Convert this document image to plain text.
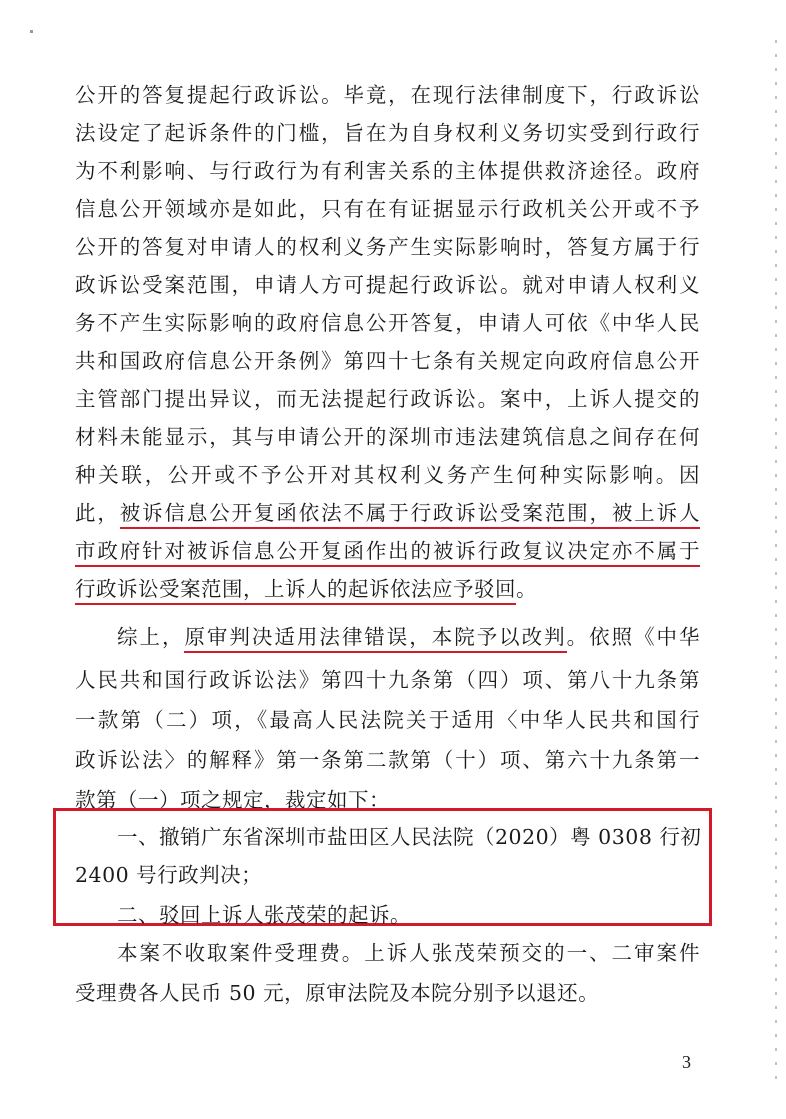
公开的答复提起行政诉讼。毕竟，在现行法律制度下，行政诉讼
法设定了起诉条件的门槛，旨在为自身权利义务切实受到行政行
为不利影响、与行政行为有利害关系的主体提供救济途径。政府
信息公开领域亦是如此，只有在有证据显示行政机关公开或不予
公开的答复对申请人的权利义务产生实际影响时，答复方属于行
政诉讼受案范围，申请人方可提起行政诉讼。就对申请人权利义
务不产生实际影响的政府信息公开答复，申请人可依《中华人民
共和国政府信息公开条例》第四十七条有关规定向政府信息公开
主管部门提出异议，而无法提起行政诉讼。案中，上诉人提交的
材料未能显示，其与申请公开的深圳市违法建筑信息之间存在何
种关联，公开或不予公开对其权利义务产生何种实际影响。因
此，被诉信息公开复函依法不属于行政诉讼受案范围，被上诉人
市政府针对被诉信息公开复函作出的被诉行政复议决定亦不属于
行政诉讼受案范围，上诉人的起诉依法应予驳回。
综上，原审判决适用法律错误，本院予以改判。依照《中华
人民共和国行政诉讼法》第四十九条第（四）项、第八十九条第
一款第（二）项，《最高人民法院关于适用〈中华人民共和国行
政诉讼法〉的解释》第一条第二款第（十）项、第六十九条第一
款第（一）项之规定，裁定如下：
一、撤销广东省深圳市盐田区人民法院（2020）粤 0308 行初
2400 号行政判决；
二、驳回上诉人张茂荣的起诉。
本案不收取案件受理费。上诉人张茂荣预交的一、二审案件
受理费各人民币 50 元，原审法院及本院分别予以退还。
3
